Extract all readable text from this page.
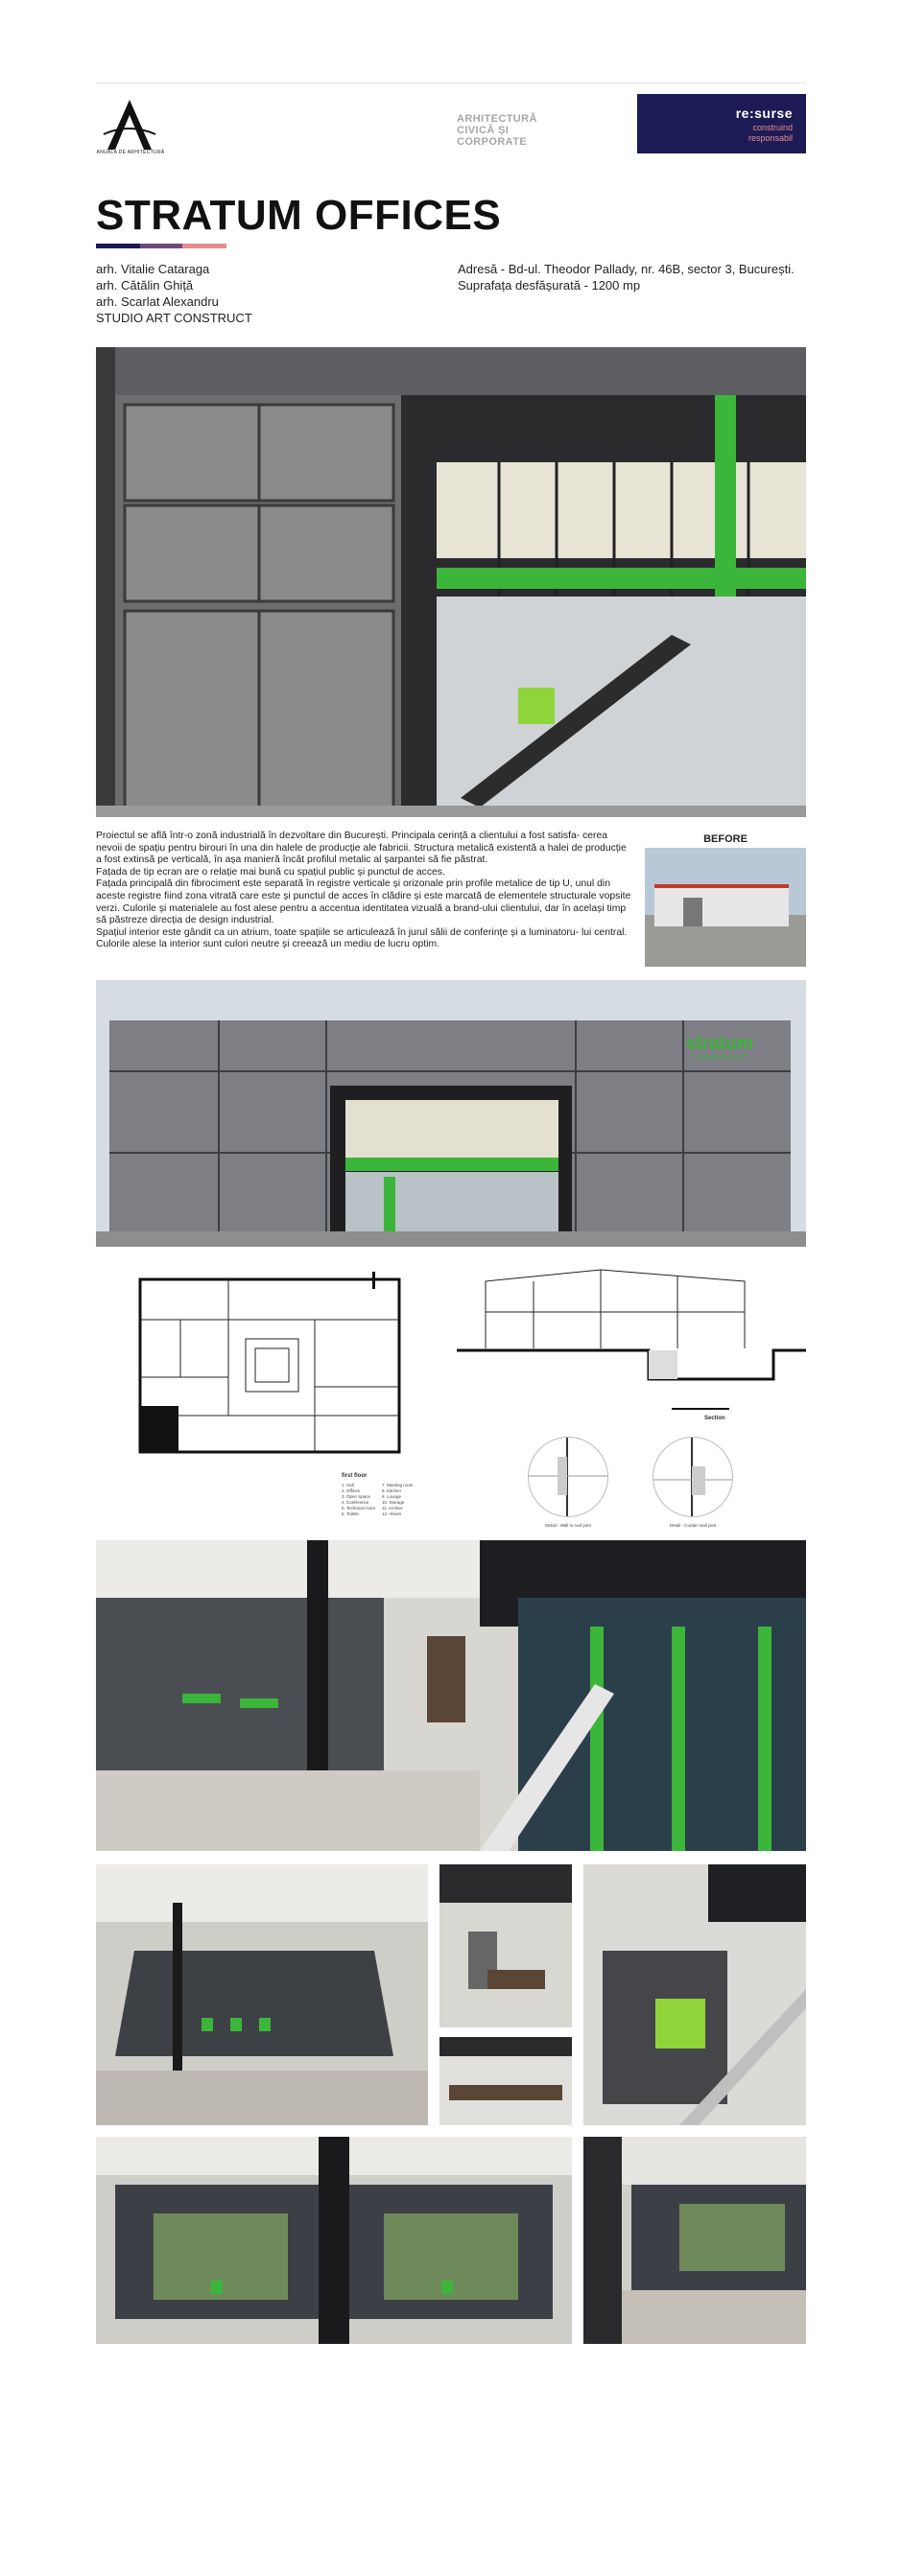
ANUALA DE ARHITECTURĂ
ARHITECTURĂ CIVICĂ ȘI
CORPORATE
re:surse
construind
responsabil
STRATUM OFFICES
arh. Vitalie Cataraga
arh. Cătălin Ghiță
arh. Scarlat Alexandru
STUDIO ART CONSTRUCT
Adresă - Bd-ul. Theodor Pallady, nr. 46B, sector 3, București.
Suprafața desfășurată - 1200 mp

Proiectul se află într-o zonă industrială în dezvoltare din București. Principala cerință a clientului a fost satisfa- cerea nevoii de spațiu pentru birouri în una din halele de producție ale fabricii. Structura metalică existentă a halei de producție a fost extinsă pe verticală, în așa manieră încât profilul metalic al șarpantei să fie păstrat.

Fațada de tip ecran are o relație mai bună cu spațiul public și punctul de acces.

Fațada principală din fibrociment este separată în registre verticale și orizonale prin profile metalice de tip U, unul din aceste registre fiind zona vitrată care este și punctul de acces în clădire și este marcată de elementele structurale vopsite verzi. Culorile și materialele au fost alese pentru a accentua identitatea vizuală a brand-ului clientului, dar în același timp să păstreze direcția de design industrial.

Spațiul interior este gândit ca un atrium, toate spațiile se articulează în jurul sălii de conferințe și a luminatoru- lui central. Culorile alese la interior sunt culori neutre și creează un mediu de lucru optim.

BEFORE
stratum
CONSTRUCT
first floor
1. Hall
2. Offices
3. Open Space
4. Conference
5. Technical room
6. Toilets
7. Meeting room
8. Kitchen
9. Lounge
10. Storage
11. Archive
12. Atrium
Section
Detail - Wall to roof joint	Detail - Curtain wall joint
